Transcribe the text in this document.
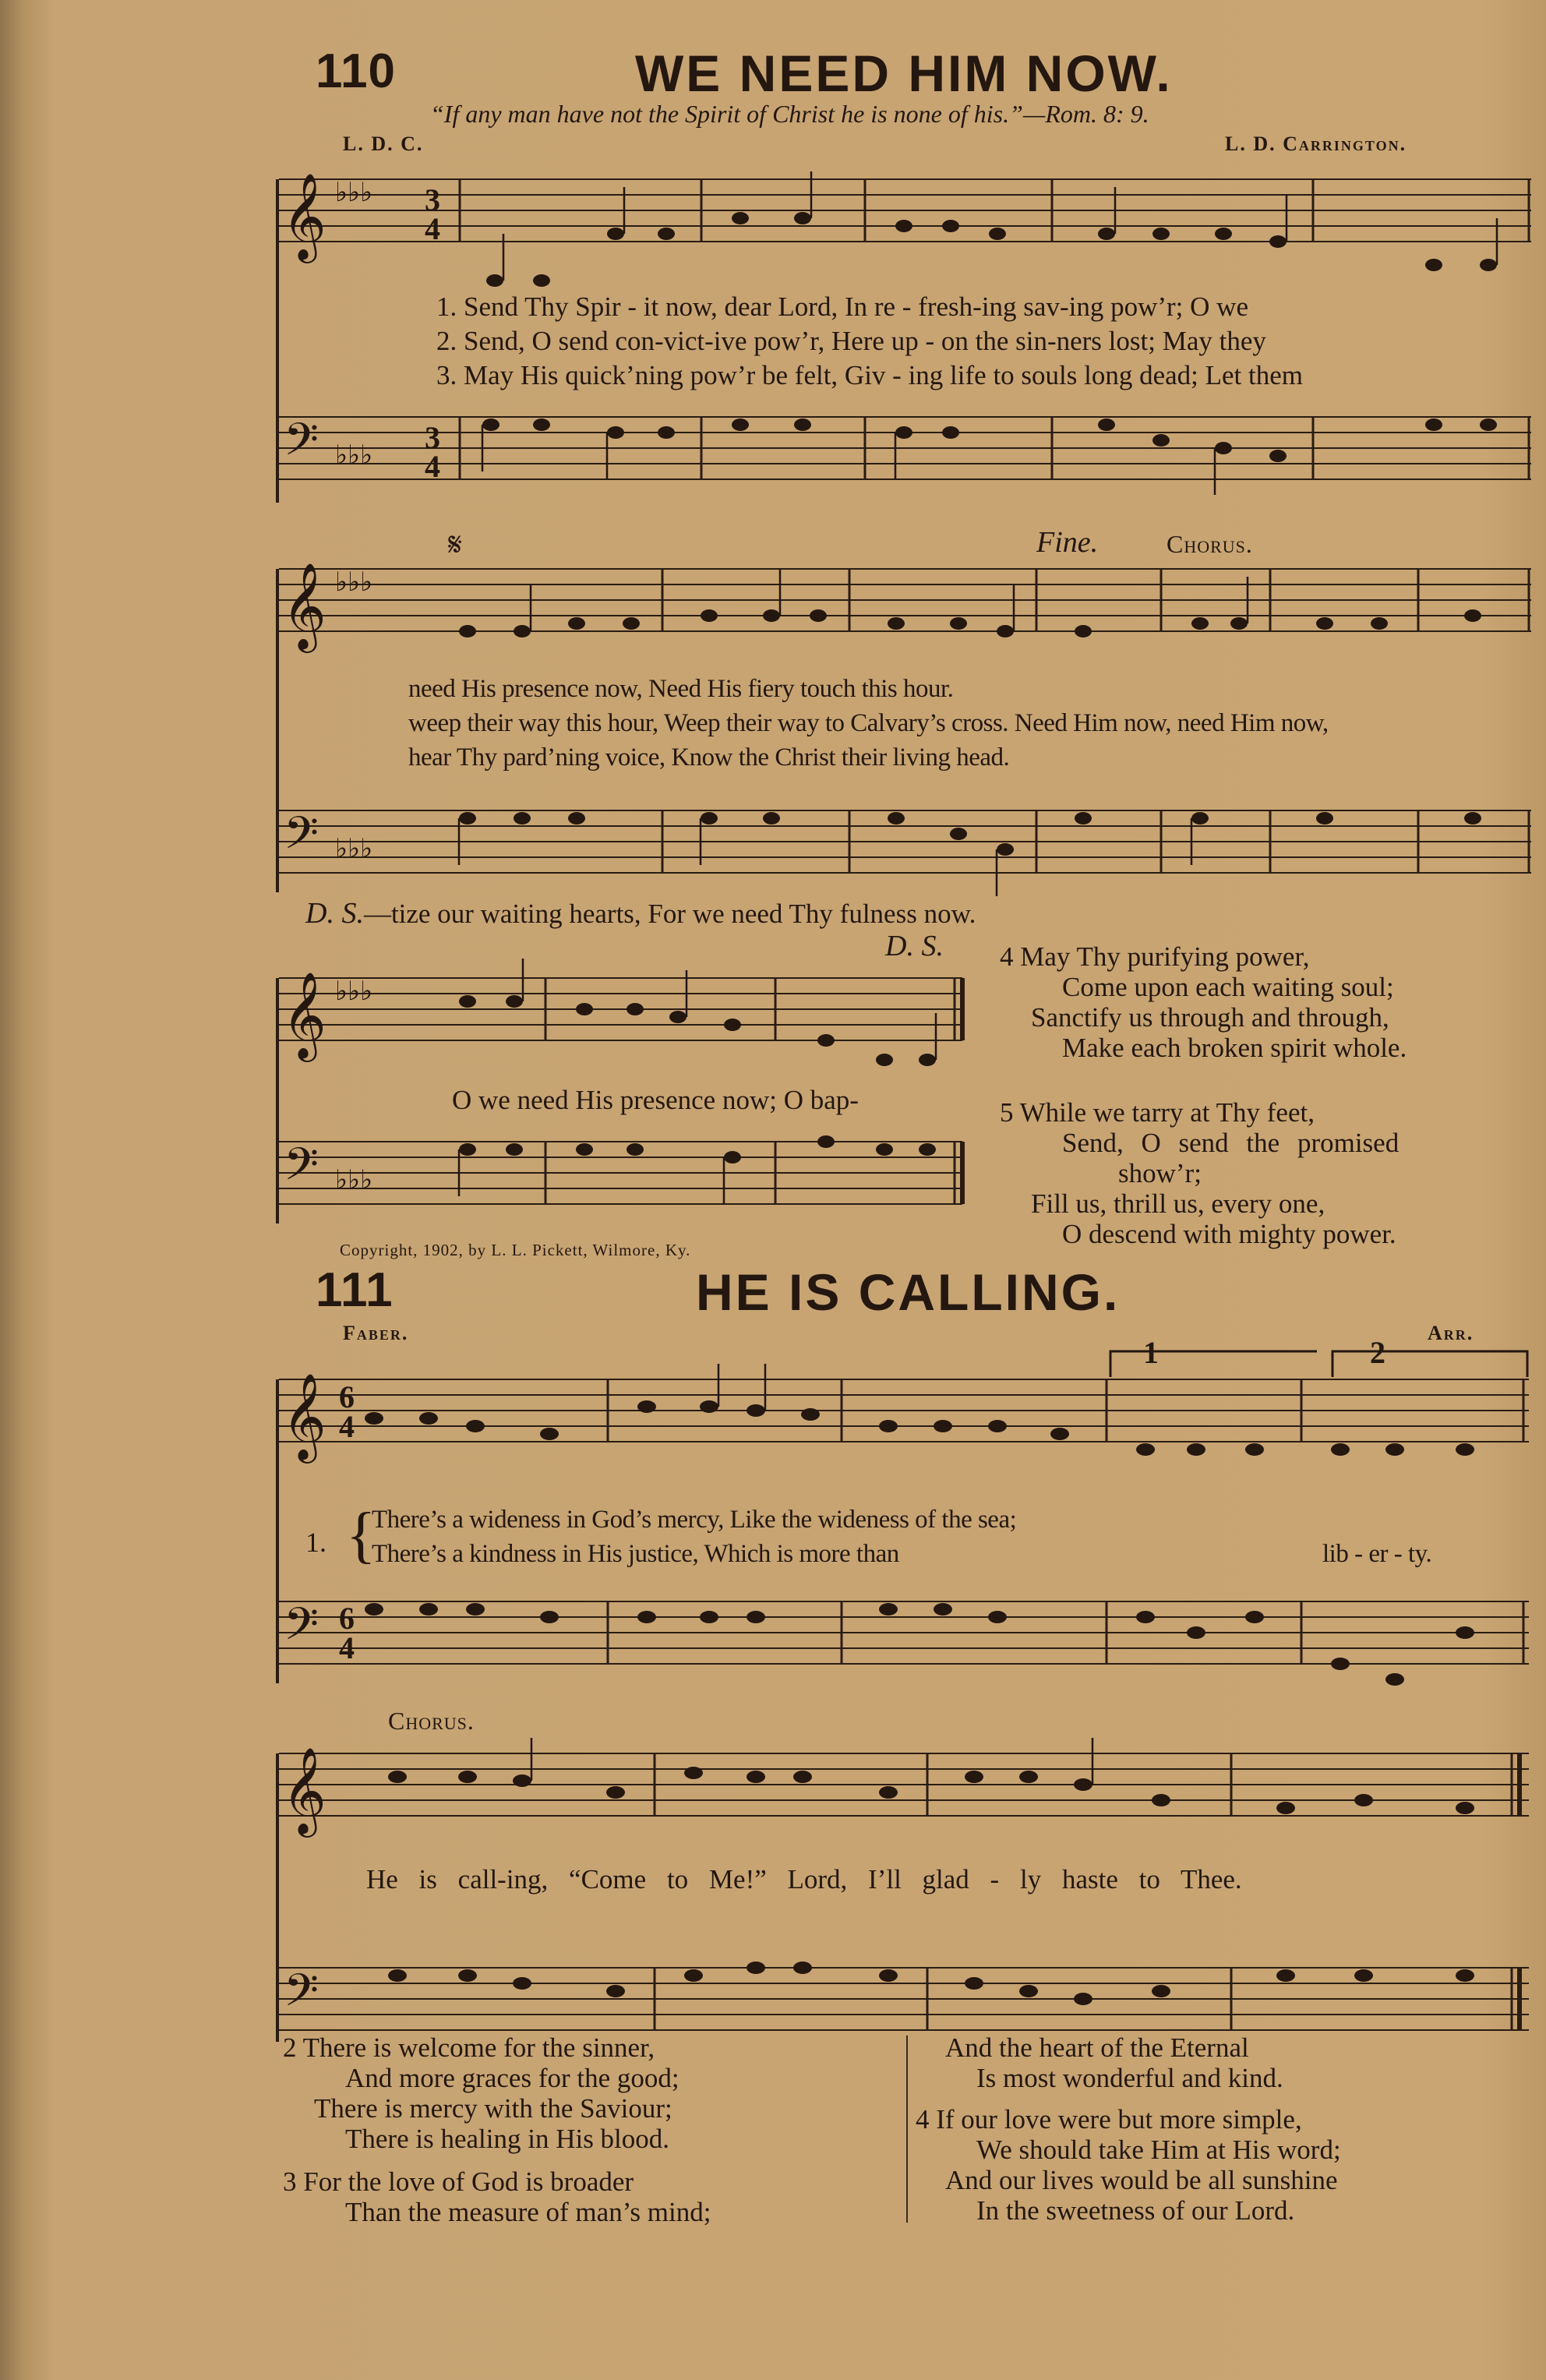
110	WE NEED HIM NOW.
“If any man have not the Spirit of Christ he is none of his.”—Rom. 8: 9.
L. D. C.	L. D. Carrington.
𝄞 ♭♭♭ 3
4
𝄢 ♭♭♭ 3
4
1. Send Thy Spir - it now, dear Lord, In re - fresh-ing sav-ing pow’r; O we
2. Send, O send con-vict-ive pow’r, Here up - on the sin-ners lost; May they
3. May His quick’ning pow’r be felt, Giv - ing life to souls long dead; Let them
𝄋	Fine.	Chorus.
𝄞 ♭♭♭
𝄢 ♭♭♭
need His presence now, Need His fiery touch this hour.
weep their way this hour, Weep their way to Calvary’s cross. Need Him now, need Him now,
hear Thy pard’ning voice, Know the Christ their living head.
D. S.—tize our waiting hearts, For we need Thy fulness now.
D. S.
𝄞 ♭♭♭
𝄢 ♭♭♭
O we need His presence now; O bap-
4 May Thy purifying power,
Come upon each waiting soul;
Sanctify us through and through,
Make each broken spirit whole.
5 While we tarry at Thy feet,
Send, O send the promised
show’r;
Fill us, thrill us, every one,
O descend with mighty power.
Copyright, 1902, by L. L. Pickett, Wilmore, Ky.
111	HE IS CALLING.
Faber.	Arr.
1	2
𝄞 6
4
𝄢 6
4
1. {
There’s a wideness in God’s mercy, Like the wideness of the sea;
There’s a kindness in His justice, Which is more than	lib - er - ty.
Chorus.
𝄞
𝄢
He is call-ing, “Come to Me!” Lord, I’ll glad - ly haste to Thee.
2 There is welcome for the sinner,
And more graces for the good;
There is mercy with the Saviour;
There is healing in His blood.
3 For the love of God is broader
Than the measure of man’s mind;
And the heart of the Eternal
Is most wonderful and kind.
4 If our love were but more simple,
We should take Him at His word;
And our lives would be all sunshine
In the sweetness of our Lord.
